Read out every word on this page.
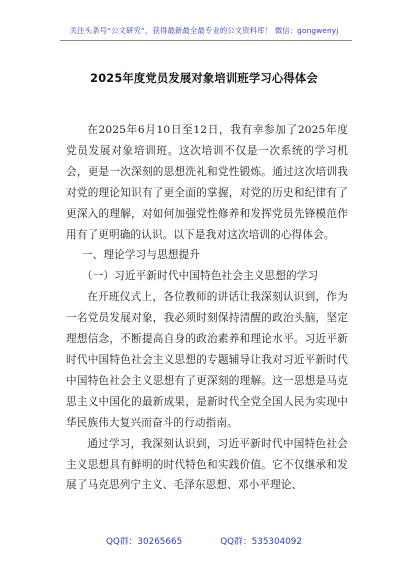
关注头条号“公文研究”，获得最新最全最专业的公文资料库！ 微信：gongwenyj
2025年度党员发展对象培训班学习心得体会

在2025年6月10日至12日，我有幸参加了2025年度党员发展对象培训班。这次培训不仅是一次系统的学习机会，更是一次深刻的思想洗礼和党性锻炼。通过这次培训我对党的理论知识有了更全面的掌握，对党的历史和纪律有了更深入的理解，对如何加强党性修养和发挥党员先锋模范作用有了更明确的认识。以下是我对这次培训的心得体会。

一、理论学习与思想提升

（一）习近平新时代中国特色社会主义思想的学习

在开班仪式上，各位教师的讲话让我深刻认识到，作为一名党员发展对象，我必须时刻保持清醒的政治头脑，坚定理想信念，不断提高自身的政治素养和理论水平。习近平新时代中国特色社会主义思想的专题辅导让我对习近平新时代中国特色社会主义思想有了更深刻的理解。这一思想是马克思主义中国化的最新成果，是新时代全党全国人民为实现中华民族伟大复兴而奋斗的行动指南。

通过学习，我深刻认识到，习近平新时代中国特色社会主义思想具有鲜明的时代特色和实践价值。它不仅继承和发展了马克思列宁主义、毛泽东思想、邓小平理论、

QQ群：30265665	QQ群：535304092
